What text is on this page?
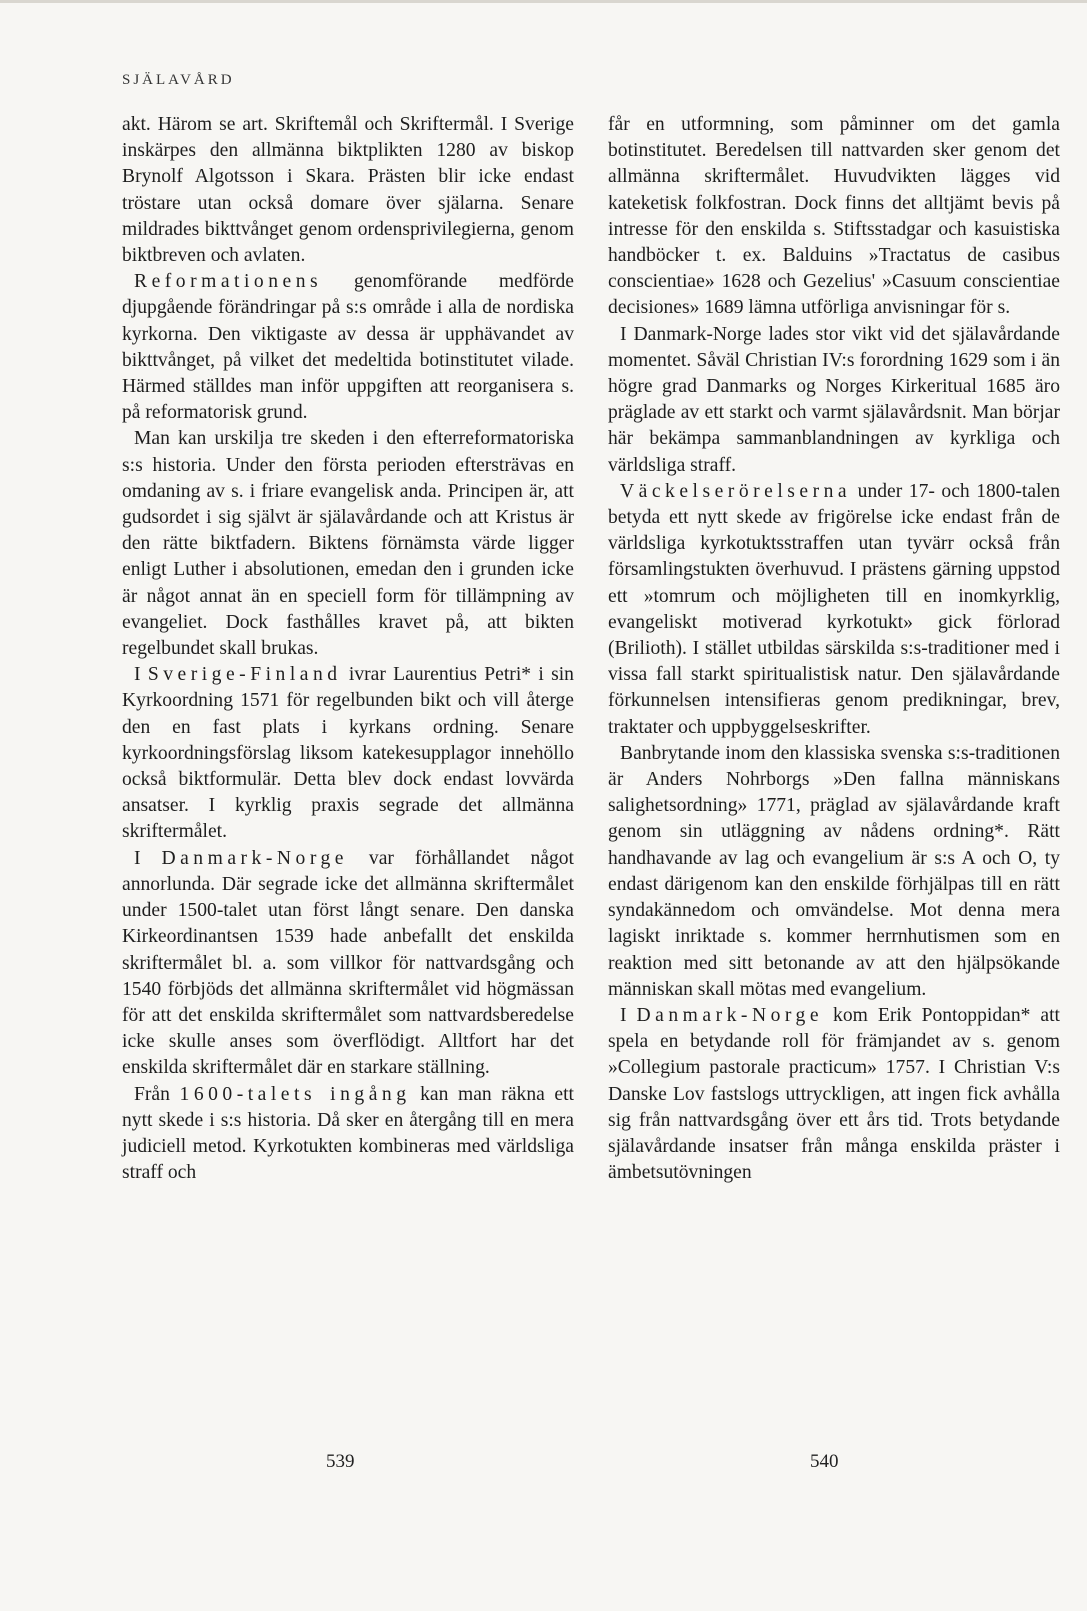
SJÄLAVÅRD

akt. Härom se art. Skriftemål och Skriftermål. I Sverige inskärpes den allmänna biktplikten 1280 av biskop Brynolf Algotsson i Skara. Prästen blir icke endast tröstare utan också domare över själarna. Senare mildrades bikttvånget genom ordensprivilegierna, genom biktbreven och avlaten.

Reformationens genomförande medförde djupgående förändringar på s:s område i alla de nordiska kyrkorna. Den viktigaste av dessa är upphävandet av bikttvånget, på vilket det medeltida botinstitutet vilade. Härmed ställdes man inför uppgiften att reorganisera s. på reformatorisk grund.

Man kan urskilja tre skeden i den efterreformatoriska s:s historia. Under den första perioden eftersträvas en omdaning av s. i friare evangelisk anda. Principen är, att gudsordet i sig självt är själavårdande och att Kristus är den rätte biktfadern. Biktens förnämsta värde ligger enligt Luther i absolutionen, emedan den i grunden icke är något annat än en speciell form för tillämpning av evangeliet. Dock fasthålles kravet på, att bikten regelbundet skall brukas.

I Sverige-Finland ivrar Laurentius Petri* i sin Kyrkoordning 1571 för regelbunden bikt och vill återge den en fast plats i kyrkans ordning. Senare kyrkoordningsförslag liksom katekesupplagor innehöllo också biktformulär. Detta blev dock endast lovvärda ansatser. I kyrklig praxis segrade det allmänna skriftermålet.

I Danmark-Norge var förhållandet något annorlunda. Där segrade icke det allmänna skriftermålet under 1500-talet utan först långt senare. Den danska Kirkeordinantsen 1539 hade anbefallt det enskilda skriftermålet bl. a. som villkor för nattvardsgång och 1540 förbjöds det allmänna skriftermålet vid högmässan för att det enskilda skriftermålet som nattvardsberedelse icke skulle anses som överflödigt. Alltfort har det enskilda skriftermålet där en starkare ställning.

Från 1600-talets ingång kan man räkna ett nytt skede i s:s historia. Då sker en återgång till en mera judiciell metod. Kyrkotukten kombineras med världsliga straff och

får en utformning, som påminner om det gamla botinstitutet. Beredelsen till nattvarden sker genom det allmänna skriftermålet. Huvudvikten lägges vid kateketisk folkfostran. Dock finns det alltjämt bevis på intresse för den enskilda s. Stiftsstadgar och kasuistiska handböcker t. ex. Balduins »Tractatus de casibus conscientiae» 1628 och Gezelius' »Casuum conscientiae decisiones» 1689 lämna utförliga anvisningar för s.

I Danmark-Norge lades stor vikt vid det själavårdande momentet. Såväl Christian IV:s forordning 1629 som i än högre grad Danmarks og Norges Kirkeritual 1685 äro präglade av ett starkt och varmt själavårdsnit. Man börjar här bekämpa sammanblandningen av kyrkliga och världsliga straff.

Väckelserörelserna under 17- och 1800-talen betyda ett nytt skede av frigörelse icke endast från de världsliga kyrkotuktsstraffen utan tyvärr också från församlingstukten överhuvud. I prästens gärning uppstod ett »tomrum och möjligheten till en inomkyrklig, evangeliskt motiverad kyrkotukt» gick förlorad (Brilioth). I stället utbildas särskilda s:s-traditioner med i vissa fall starkt spiritualistisk natur. Den själavårdande förkunnelsen intensifieras genom predikningar, brev, traktater och uppbyggelseskrifter.

Banbrytande inom den klassiska svenska s:s-traditionen är Anders Nohrborgs »Den fallna människans salighetsordning» 1771, präglad av själavårdande kraft genom sin utläggning av nådens ordning*. Rätt handhavande av lag och evangelium är s:s A och O, ty endast därigenom kan den enskilde förhjälpas till en rätt syndakännedom och omvändelse. Mot denna mera lagiskt inriktade s. kommer herrnhutismen som en reaktion med sitt betonande av att den hjälpsökande människan skall mötas med evangelium.

I Danmark-Norge kom Erik Pontoppidan* att spela en betydande roll för främjandet av s. genom »Collegium pastorale practicum» 1757. I Christian V:s Danske Lov fastslogs uttryckligen, att ingen fick avhålla sig från nattvardsgång över ett års tid. Trots betydande själavårdande insatser från många enskilda präster i ämbetsutövningen

539	540
